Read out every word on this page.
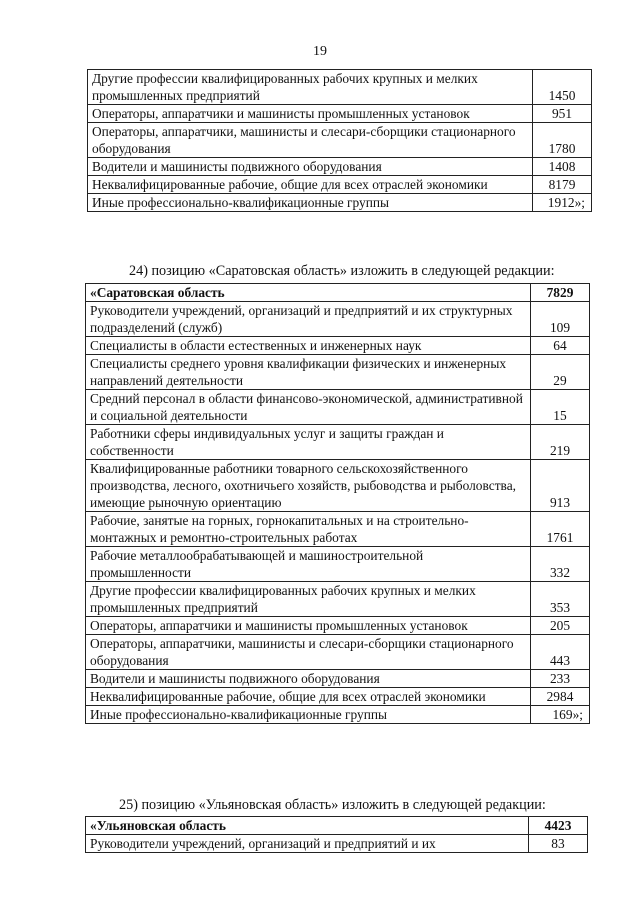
19
Другие профессии квалифицированных рабочих крупных и мелких промышленных предприятий	1450
Операторы, аппаратчики и машинисты промышленных установок	951
Операторы, аппаратчики, машинисты и слесари-сборщики стационарного оборудования	1780
Водители и машинисты подвижного оборудования	1408
Неквалифицированные рабочие, общие для всех отраслей экономики	8179
Иные профессионально-квалификационные группы	1912»;
24) позицию «Саратовская область» изложить в следующей редакции:
«Саратовская область	7829
Руководители учреждений, организаций и предприятий и их структурных подразделений (служб)	109
Специалисты в области естественных и инженерных наук	64
Специалисты среднего уровня квалификации физических и инженерных направлений деятельности	29
Средний персонал в области финансово-экономической, административной и социальной деятельности	15
Работники сферы индивидуальных услуг и защиты граждан и собственности	219
Квалифицированные работники товарного сельскохозяйственного производства, лесного, охотничьего хозяйств, рыбоводства и рыболовства, имеющие рыночную ориентацию	913
Рабочие, занятые на горных, горнокапитальных и на строительно-монтажных и ремонтно-строительных работах	1761
Рабочие металлообрабатывающей и машиностроительной промышленности	332
Другие профессии квалифицированных рабочих крупных и мелких промышленных предприятий	353
Операторы, аппаратчики и машинисты промышленных установок	205
Операторы, аппаратчики, машинисты и слесари-сборщики стационарного оборудования	443
Водители и машинисты подвижного оборудования	233
Неквалифицированные рабочие, общие для всех отраслей экономики	2984
Иные профессионально-квалификационные группы	169»;
25) позицию «Ульяновская область» изложить в следующей редакции:
«Ульяновская область	4423
Руководители учреждений, организаций и предприятий и их	83
